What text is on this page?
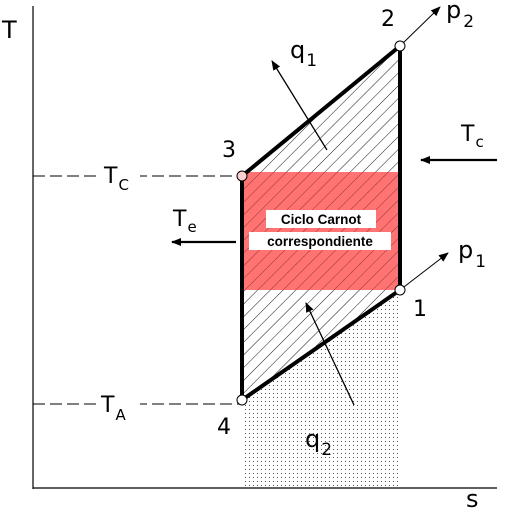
T
s
2
1
3
4
p $_2$
p $_1$
$q_1$
$q_2$
$T_C$
$T_A$
$T_c$
$T_e$	Ciclo Carnot
correspondiente
